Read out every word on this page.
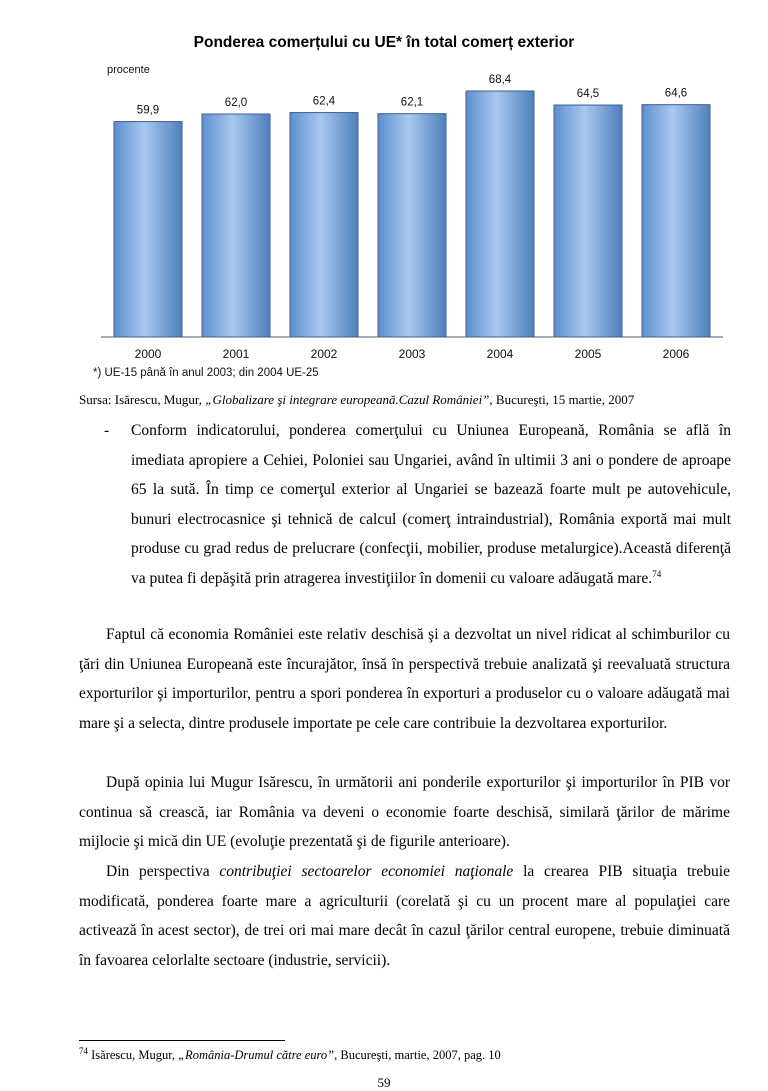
Ponderea comerțului cu UE* în total comerț exterior
procente
59,9
62,0	62,4	62,1
68,4
64,5	64,6
2000	2001	2002	2003	2004	2005	2006
*) UE-15 până în anul 2003; din 2004 UE-25
Sursa: Isărescu, Mugur, „Globalizare şi integrare europeană.Cazul României”, Bucureşti, 15 martie, 2007
- Conform indicatorului, ponderea comerţului cu Uniunea Europeană, România se află în imediata apropiere a Cehiei, Poloniei sau Ungariei, având în ultimii 3 ani o pondere de aproape 65 la sută. În timp ce comerţul exterior al Ungariei se bazează foarte mult pe autovehicule, bunuri electrocasnice şi tehnică de calcul (comerţ intraindustrial), România exportă mai mult produse cu grad redus de prelucrare (confecţii, mobilier, produse metalurgice).Această diferenţă va putea fi depăşită prin atragerea investiţiilor în domenii cu valoare adăugată mare.$^{74}$
Faptul că economia României este relativ deschisă şi a dezvoltat un nivel ridicat al schimburilor cu ţări din Uniunea Europeană este încurajător, însă în perspectivă trebuie analizată şi reevaluată structura exporturilor şi importurilor, pentru a spori ponderea în exporturi a produselor cu o valoare adăugată mai mare şi a selecta, dintre produsele importate pe cele care contribuie la dezvoltarea exporturilor.
După opinia lui Mugur Isărescu, în următorii ani ponderile exporturilor şi importurilor în PIB vor continua să crească, iar România va deveni o economie foarte deschisă, similară ţărilor de mărime mijlocie şi mică din UE (evoluţie prezentată şi de figurile anterioare).
Din perspectiva contribuţiei sectoarelor economiei naţionale la crearea PIB situaţia trebuie modificată, ponderea foarte mare a agriculturii (corelată şi cu un procent mare al populaţiei care activează în acest sector), de trei ori mai mare decât în cazul ţărilor central europene, trebuie diminuată în favoarea celorlalte sectoare (industrie, servicii).
$^{74}$ Isărescu, Mugur, „România-Drumul către euro”, Bucureşti, martie, 2007, pag. 10
59
